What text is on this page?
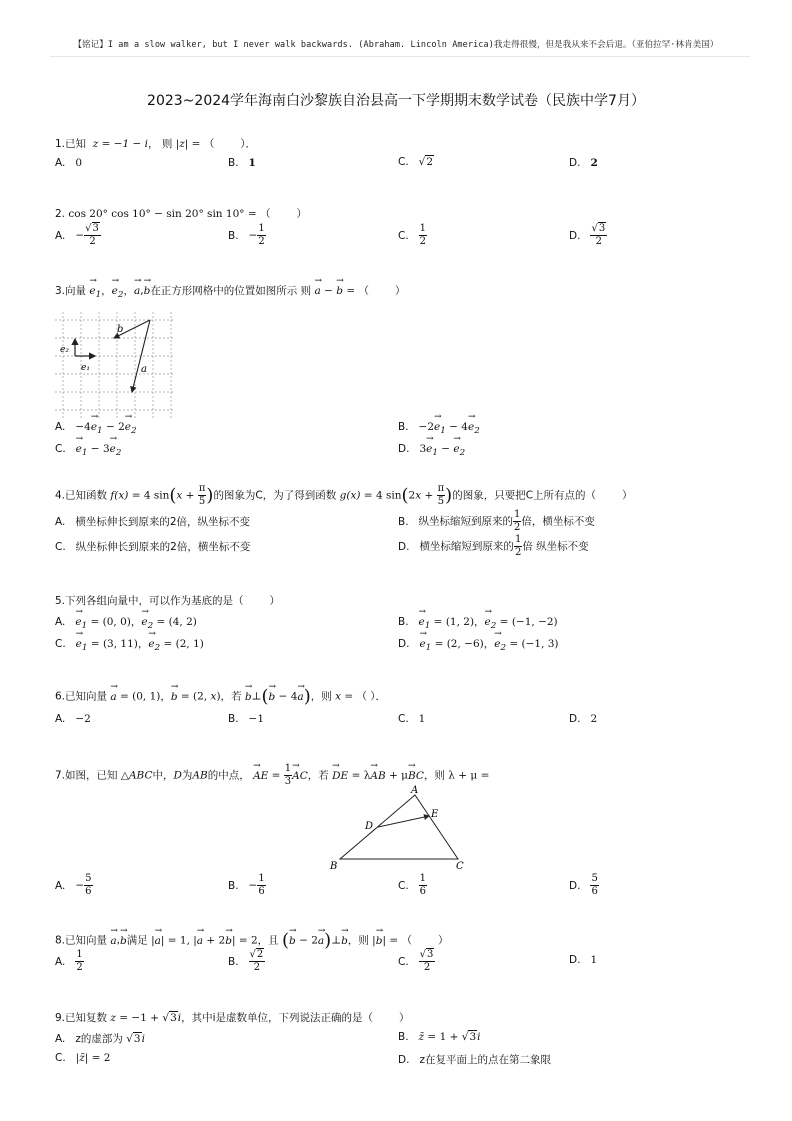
【铭记】I am a slow walker, but I never walk backwards. (Abraham. Lincoln America)我走得很慢，但是我从来不会后退。（亚伯拉罕·林肯美国）
2023~2024学年海南白沙黎族自治县高一下学期期末数学试卷（民族中学7月）
1.已知  z = −1 − i， 则 |z| = （ ）．
A. 0	B. 1	C. √2	D. 2
2. cos 20° cos 10° − sin 20° sin 10° = （ ）
A. − $\frac{√3}{2}$	B. − $\frac{1}{2}$	C. $\frac{1}{2}$	D. $\frac{√3}{2}$
3.向量 → $e_1$，→ $e_2$，→ a,→ b在正方形网格中的位置如图所示 则 → a − → b = （ ）
e₁
e₂
b
a
A. $-4\to e_1 - 2\to e_2$	B. $-2\to e_1 - 4\to e_2$
$C.\to e_1 - 3\to e_2$	D. $3\to e_1$ − → $e_2$
4.已知函数 f(x) = 4 $\sin(x + \frac{\pi}{5}$ )的图象为C，为了得到函数 g(x) = 4 $\sin(2x + \frac{\pi}{5}$ )的图象，只要把C上所有点的（ ）
A. 横坐标伸长到原来的2倍，纵坐标不变	B. 纵坐标缩短到原来的 $\frac{1}{2}$ 倍，横坐标不变
C. 纵坐标伸长到原来的2倍，横坐标不变	D. 横坐标缩短到原来的 $\frac{1}{2}$ 倍 纵坐标不变
5.下列各组向量中，可以作为基底的是（ ）
$A.\to e_1 = (0$, 0)，→ $e_2 = (4$, 2)	$B.\to e_1 = (1$, 2)，→ $e_2 = (-1$, −2)
$C.\to e_1 = (3$, 11)，→ $e_2 = (2$, 1)	$D.\to e_1 = (2$, −6)，→ $e_2 = (-1$, 3)
6.已知向量 → a = (0, 1)，→ b = (2, x)，若 → b⊥(→ b − 4→ a)，则 x = （ ）．
A. −2	B. −1	C. 1	D. 2
7.如图，已知 △ABC中，D为AB的中点， → AE = $\frac{1}{3}$
→ AC，若 → DE = λ→ AB + μ→ BC，则 λ + μ =
A
B	C
D
E
A. − $\frac{5}{6}$	B. − $\frac{1}{6}$	C. $\frac{1}{6}$	D. $\frac{5}{6}$
8.已知向量 → a,→ b满足 |→ a| = 1, |→ a + 2→ b| = 2，且 (→ b − 2→ a)⊥→ b，则 |→ b| = （ ）
A. $\frac{1}{2}$	B. $\frac{√2}{2}$	C. $\frac{√3}{2}$	D. 1
9.已知复数 z = −1 + √3i，其中i是虚数单位，下列说法正确的是（ ）
A. z的虚部为 √3i	B. z̄ = 1 + √3i
C. |z̄| = 2	D. z在复平面上的点在第二象限
